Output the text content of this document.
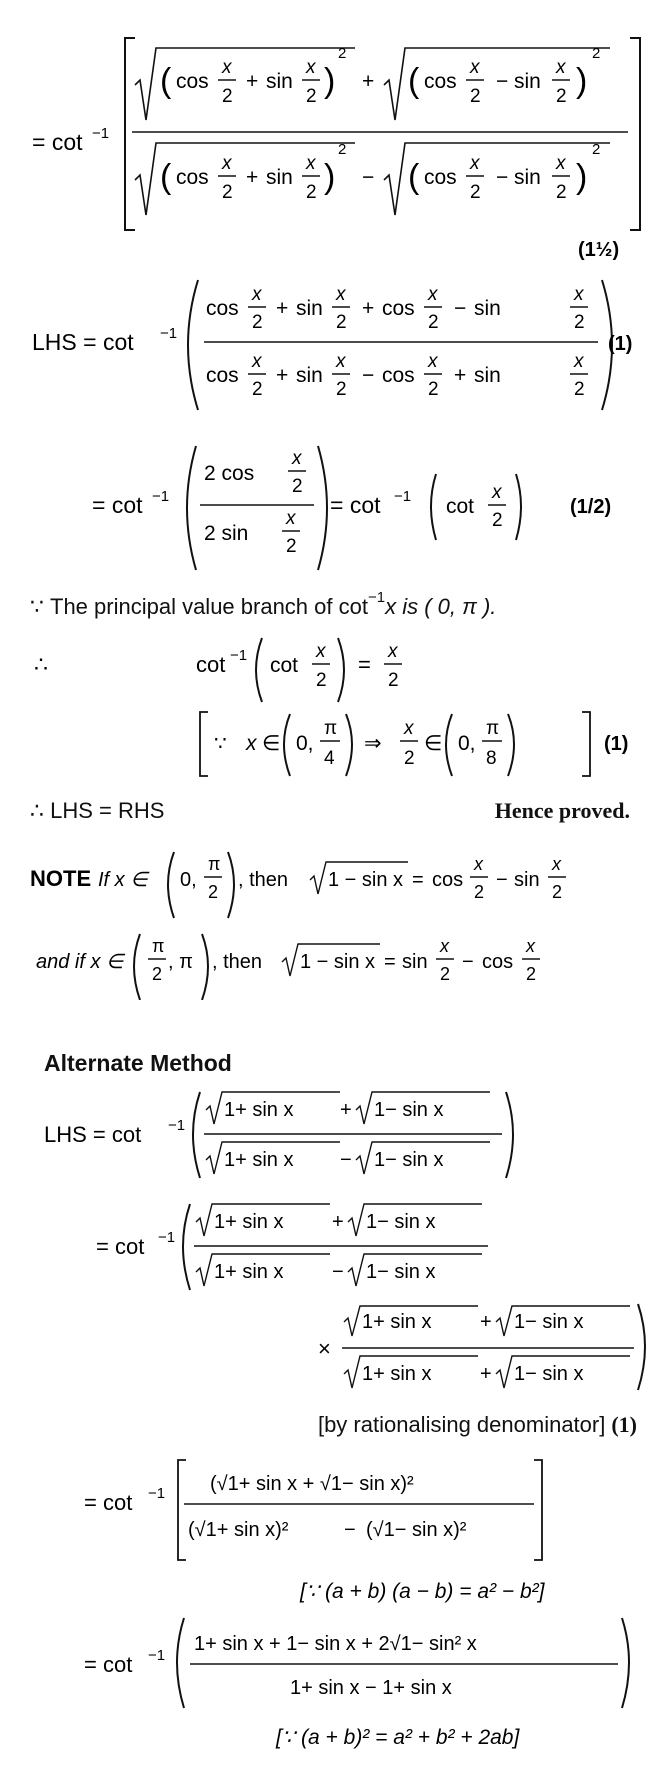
= cot −1
( cos
x
2
+ sin
x
2 )
2
+ ( cos
x
2
− sin
x
2 )
2
( cos
x
2
+ sin
x
2 )
2
− ( cos
x
2
− sin
x
2 )
2
(1½)
LHS = cot −1
cos
x
2
+ sin
x
2
+ cos
x
2
− sin
x
2
cos
x
2
+ sin
x
2
− cos
x
2
+ sin
x
2
(1)
= cot −1
2 cos
x
2
2 sin
x
2
= cot −1 cot
x
2
(1/2)
∵ The principal value branch of cot −1 x is ( 0, π ).
∴	cot −1 cot
x
2
=
x
2
∵ x ∈ 0,
π
4
⇒
x
2
∈ 0,
π
8
(1)
∴ LHS = RHS	Hence proved.
NOTE If x ∈ 0,
π
2
, then 1 − sin x = cos
x
2
− sin
x
2
and if x ∈
π
2
, π , then 1 − sin x = sin
x
2
− cos
x
2
Alternate Method
LHS = cot −1
1+ sin x + 1− sin x
1+ sin x − 1− sin x
= cot −1
1+ sin x + 1− sin x
1+ sin x − 1− sin x
×
1+ sin x + 1− sin x
1+ sin x + 1− sin x
[by rationalising denominator] (1)
= cot −1 (√1+ sin x + √1− sin x)²
(√1+ sin x)²	− (√1− sin x)²
[∵ (a + b) (a − b) = a² − b²]
= cot −1
1+ sin x + 1− sin x + 2√1− sin² x
1+ sin x − 1+ sin x
[∵ (a + b)² = a² + b² + 2ab]
